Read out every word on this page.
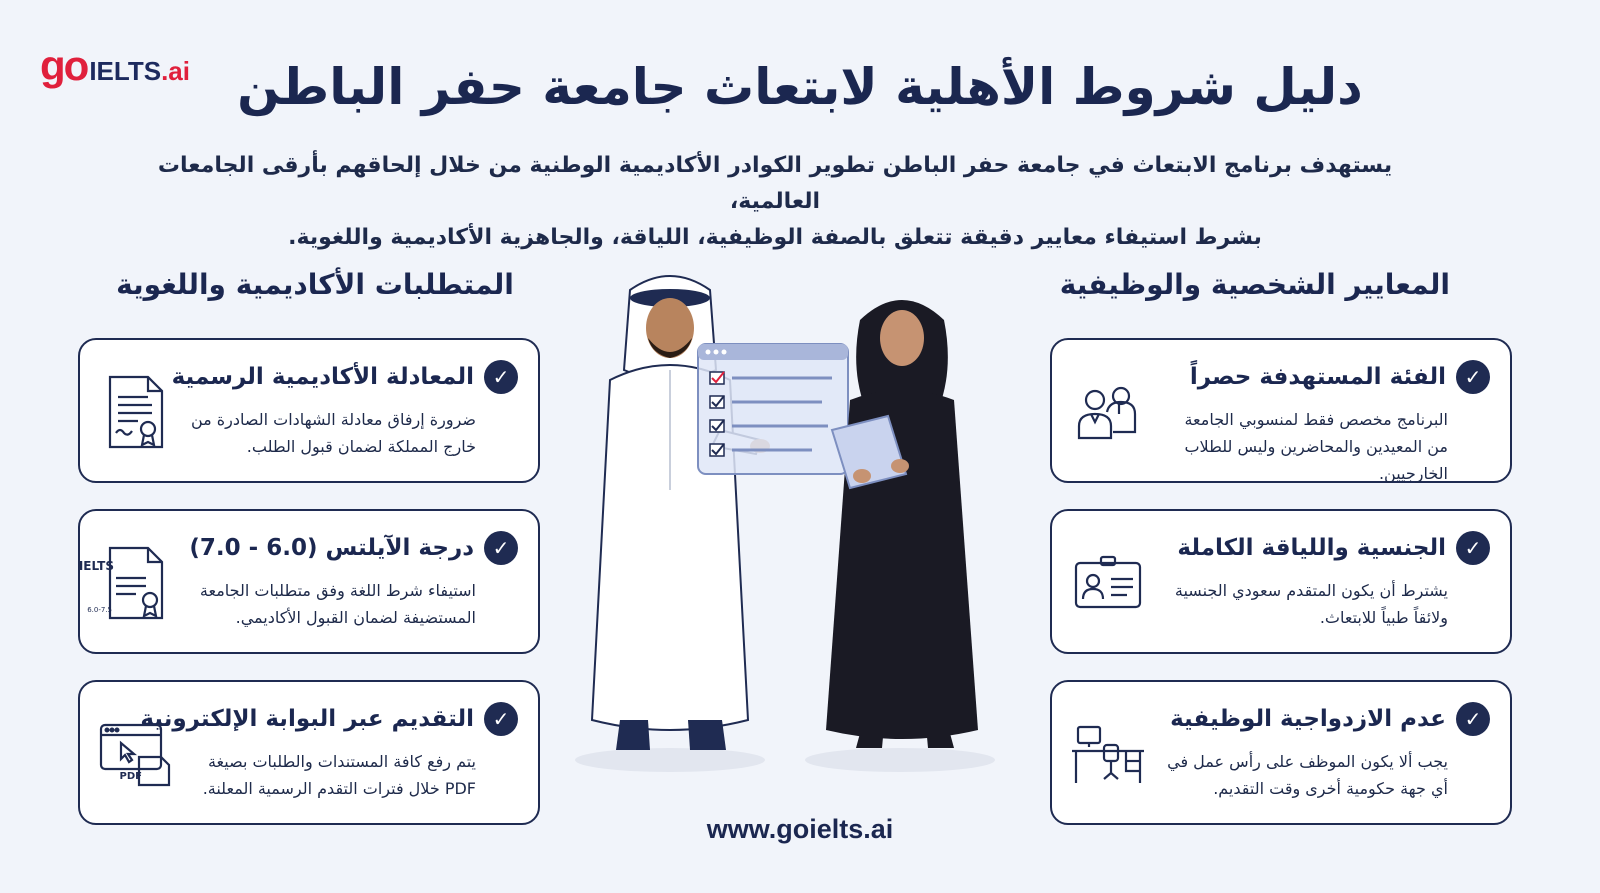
go IELTS .ai دليل شروط الأهلية لابتعاث جامعة حفر الباطن
يستهدف برنامج الابتعاث في جامعة حفر الباطن تطوير الكوادر الأكاديمية الوطنية من خلال إلحاقهم بأرقى الجامعات العالمية،
بشرط استيفاء معايير دقيقة تتعلق بالصفة الوظيفية، اللياقة، والجاهزية الأكاديمية واللغوية.
المعايير الشخصية والوظيفية
المتطلبات الأكاديمية واللغوية
✓
الفئة المستهدفة حصراً
البرنامج مخصص فقط لمنسوبي الجامعة من المعيدين والمحاضرين وليس للطلاب الخارجيين.
✓
الجنسية واللياقة الكاملة
يشترط أن يكون المتقدم سعودي الجنسية ولائقاً طبياً للابتعاث.
✓
عدم الازدواجية الوظيفية
يجب ألا يكون الموظف على رأس عمل في أي جهة حكومية أخرى وقت التقديم.
✓
المعادلة الأكاديمية الرسمية
ضرورة إرفاق معادلة الشهادات الصادرة من خارج المملكة لضمان قبول الطلب.
✓
درجة الآيلتس (6.0 - 7.0)
استيفاء شرط اللغة وفق متطلبات الجامعة المستضيفة لضمان القبول الأكاديمي.
IELTS
6.0-7.5
✓
التقديم عبر البوابة الإلكترونية
يتم رفع كافة المستندات والطلبات بصيغة PDF خلال فترات التقدم الرسمية المعلنة.
PDF
www.goielts.ai
